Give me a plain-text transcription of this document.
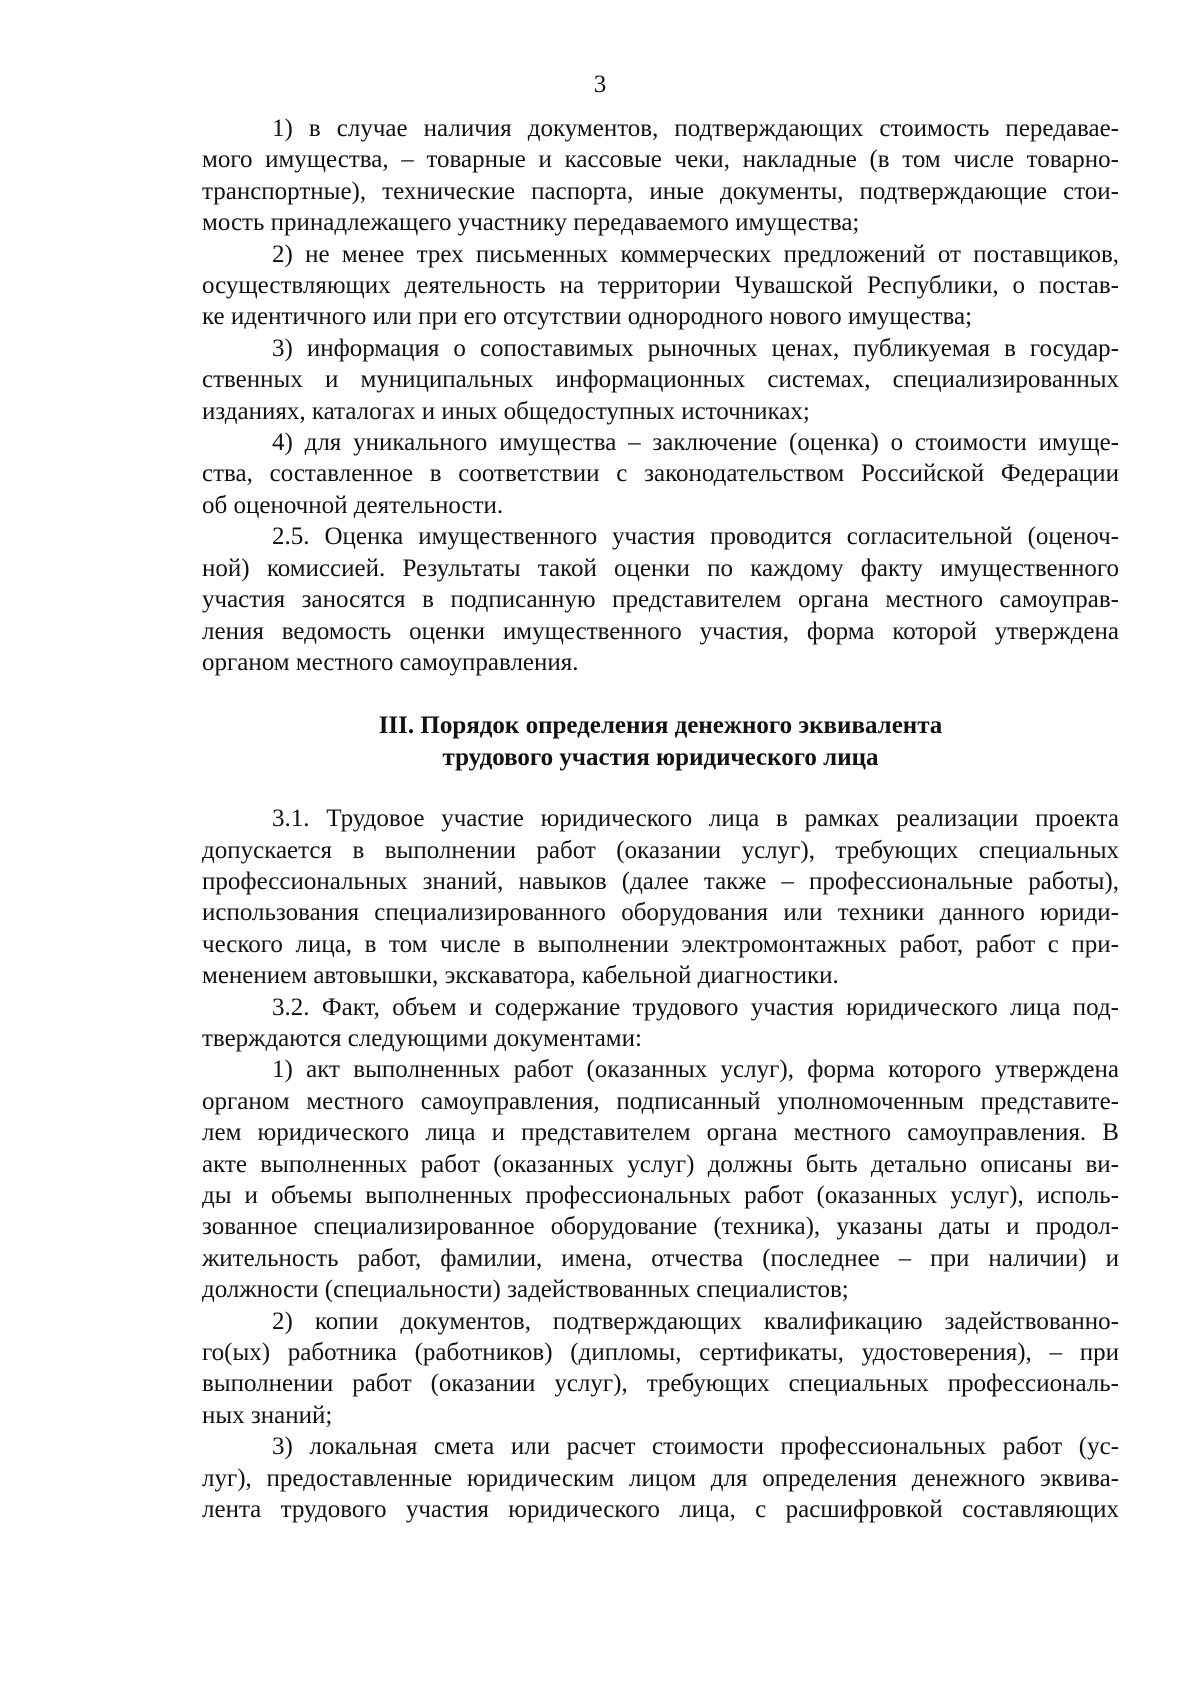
3
1) в случае наличия документов, подтверждающих стоимость передавае-
мого имущества, – товарные и кассовые чеки, накладные (в том числе товарно-
транспортные), технические паспорта, иные документы, подтверждающие стои-
мость принадлежащего участнику передаваемого имущества;
2) не менее трех письменных коммерческих предложений от поставщиков,
осуществляющих деятельность на территории Чувашской Республики, о постав-
ке идентичного или при его отсутствии однородного нового имущества;
3) информация о сопоставимых рыночных ценах, публикуемая в государ-
ственных и муниципальных информационных системах, специализированных
изданиях, каталогах и иных общедоступных источниках;
4) для уникального имущества – заключение (оценка) о стоимости имуще-
ства, составленное в соответствии с законодательством Российской Федерации
об оценочной деятельности.
2.5. Оценка имущественного участия проводится согласительной (оценоч-
ной) комиссией. Результаты такой оценки по каждому факту имущественного
участия заносятся в подписанную представителем органа местного самоуправ-
ления ведомость оценки имущественного участия, форма которой утверждена
органом местного самоуправления.
III. Порядок определения денежного эквивалента
трудового участия юридического лица
3.1. Трудовое участие юридического лица в рамках реализации проекта
допускается в выполнении работ (оказании услуг), требующих специальных
профессиональных знаний, навыков (далее также – профессиональные работы),
использования специализированного оборудования или техники данного юриди-
ческого лица, в том числе в выполнении электромонтажных работ, работ с при-
менением автовышки, экскаватора, кабельной диагностики.
3.2. Факт, объем и содержание трудового участия юридического лица под-
тверждаются следующими документами:
1) акт выполненных работ (оказанных услуг), форма которого утверждена
органом местного самоуправления, подписанный уполномоченным представите-
лем юридического лица и представителем органа местного самоуправления. В
акте выполненных работ (оказанных услуг) должны быть детально описаны ви-
ды и объемы выполненных профессиональных работ (оказанных услуг), исполь-
зованное специализированное оборудование (техника), указаны даты и продол-
жительность работ, фамилии, имена, отчества (последнее – при наличии) и
должности (специальности) задействованных специалистов;
2) копии документов, подтверждающих квалификацию задействованно-
го(ых) работника (работников) (дипломы, сертификаты, удостоверения), – при
выполнении работ (оказании услуг), требующих специальных профессиональ-
ных знаний;
3) локальная смета или расчет стоимости профессиональных работ (ус-
луг), предоставленные юридическим лицом для определения денежного эквива-
лента трудового участия юридического лица, с расшифровкой составляющих
